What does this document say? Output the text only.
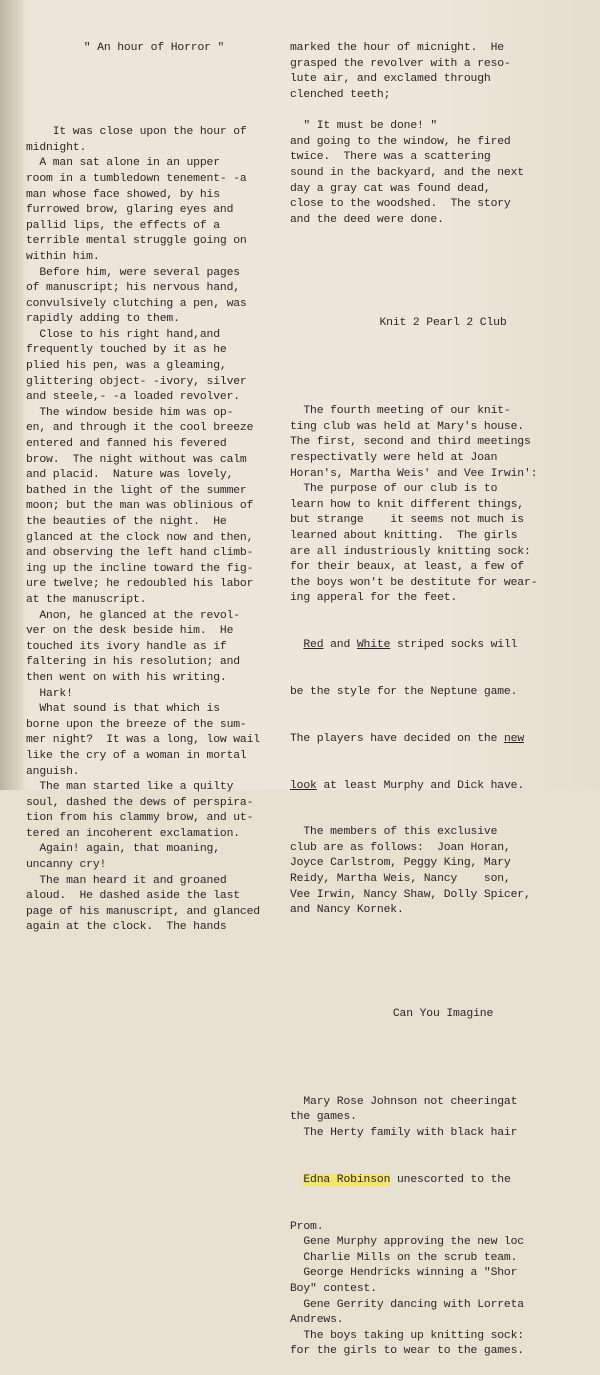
" An hour of Horror "

It was close upon the hour of
midnight.
A man sat alone in an upper
room in a tumbledown tenement- -a
man whose face showed, by his
furrowed brow, glaring eyes and
pallid lips, the effects of a
terrible mental struggle going on
within him.
Before him, were several pages
of manuscript; his nervous hand,
convulsively clutching a pen, was
rapidly adding to them.
Close to his right hand,and
frequently touched by it as he
plied his pen, was a gleaming,
glittering object- -ivory, silver
and steele,- -a loaded revolver.
The window beside him was op-
en, and through it the cool breeze
entered and fanned his fevered
brow.  The night without was calm
and placid.  Nature was lovely,
bathed in the light of the summer
moon; but the man was oblinious of
the beauties of the night.  He
glanced at the clock now and then,
and observing the left hand climb-
ing up the incline toward the fig-
ure twelve; he redoubled his labor
at the manuscript.
Anon, he glanced at the revol-
ver on the desk beside him.  He
touched its ivory handle as if
faltering in his resolution; and
then went on with his writing.
Hark!
What sound is that which is
borne upon the breeze of the sum-
mer night?  It was a long, low wail
like the cry of a woman in mortal
anguish.
The man started like a quilty
soul, dashed the dews of perspira-
tion from his clammy brow, and ut-
tered an incoherent exclamation.
Again! again, that moaning,
uncanny cry!
The man heard it and groaned
aloud.  He dashed aside the last
page of his manuscript, and glanced
again at the clock.  The hands

marked the hour of micnight.  He
grasped the revolver with a reso-
lute air, and exclamed through
clenched teeth;
" It must be done! "
and going to the window, he fired
twice.  There was a scattering
sound in the backyard, and the next
day a gray cat was found dead,
close to the woodshed.  The story
and the deed were done.

Knit 2 Pearl 2 Club

The fourth meeting of our knit-
ting club was held at Mary's house.
The first, second and third meetings
respectivatly were held at Joan
Horan's, Martha Weis' and Vee Irwin':
The purpose of our club is to
learn how to knit different things,
but strange    it seems not much is
learned about knitting.  The girls
are all industriously knitting sock:
for their beaux, at least, a few of
the boys won't be destitute for wear-
ing apperal for the feet.

Red and White striped socks will

be the style for the Neptune game.

The players have decided on the new

look at least Murphy and Dick have.

The members of this exclusive
club are as follows:  Joan Horan,
Joyce Carlstrom, Peggy King, Mary
Reidy, Martha Weis, Nancy    son,
Vee Irwin, Nancy Shaw, Dolly Spicer,
and Nancy Kornek.

Can You Imagine

Mary Rose Johnson not cheeringat
the games.
The Herty family with black hair

Edna Robinson unescorted to the

Prom.
Gene Murphy approving the new loc
Charlie Mills on the scrub team.
George Hendricks winning a "Shor
Boy" contest.
Gene Gerrity dancing with Lorreta
Andrews.
The boys taking up knitting sock:
for the girls to wear to the games.
